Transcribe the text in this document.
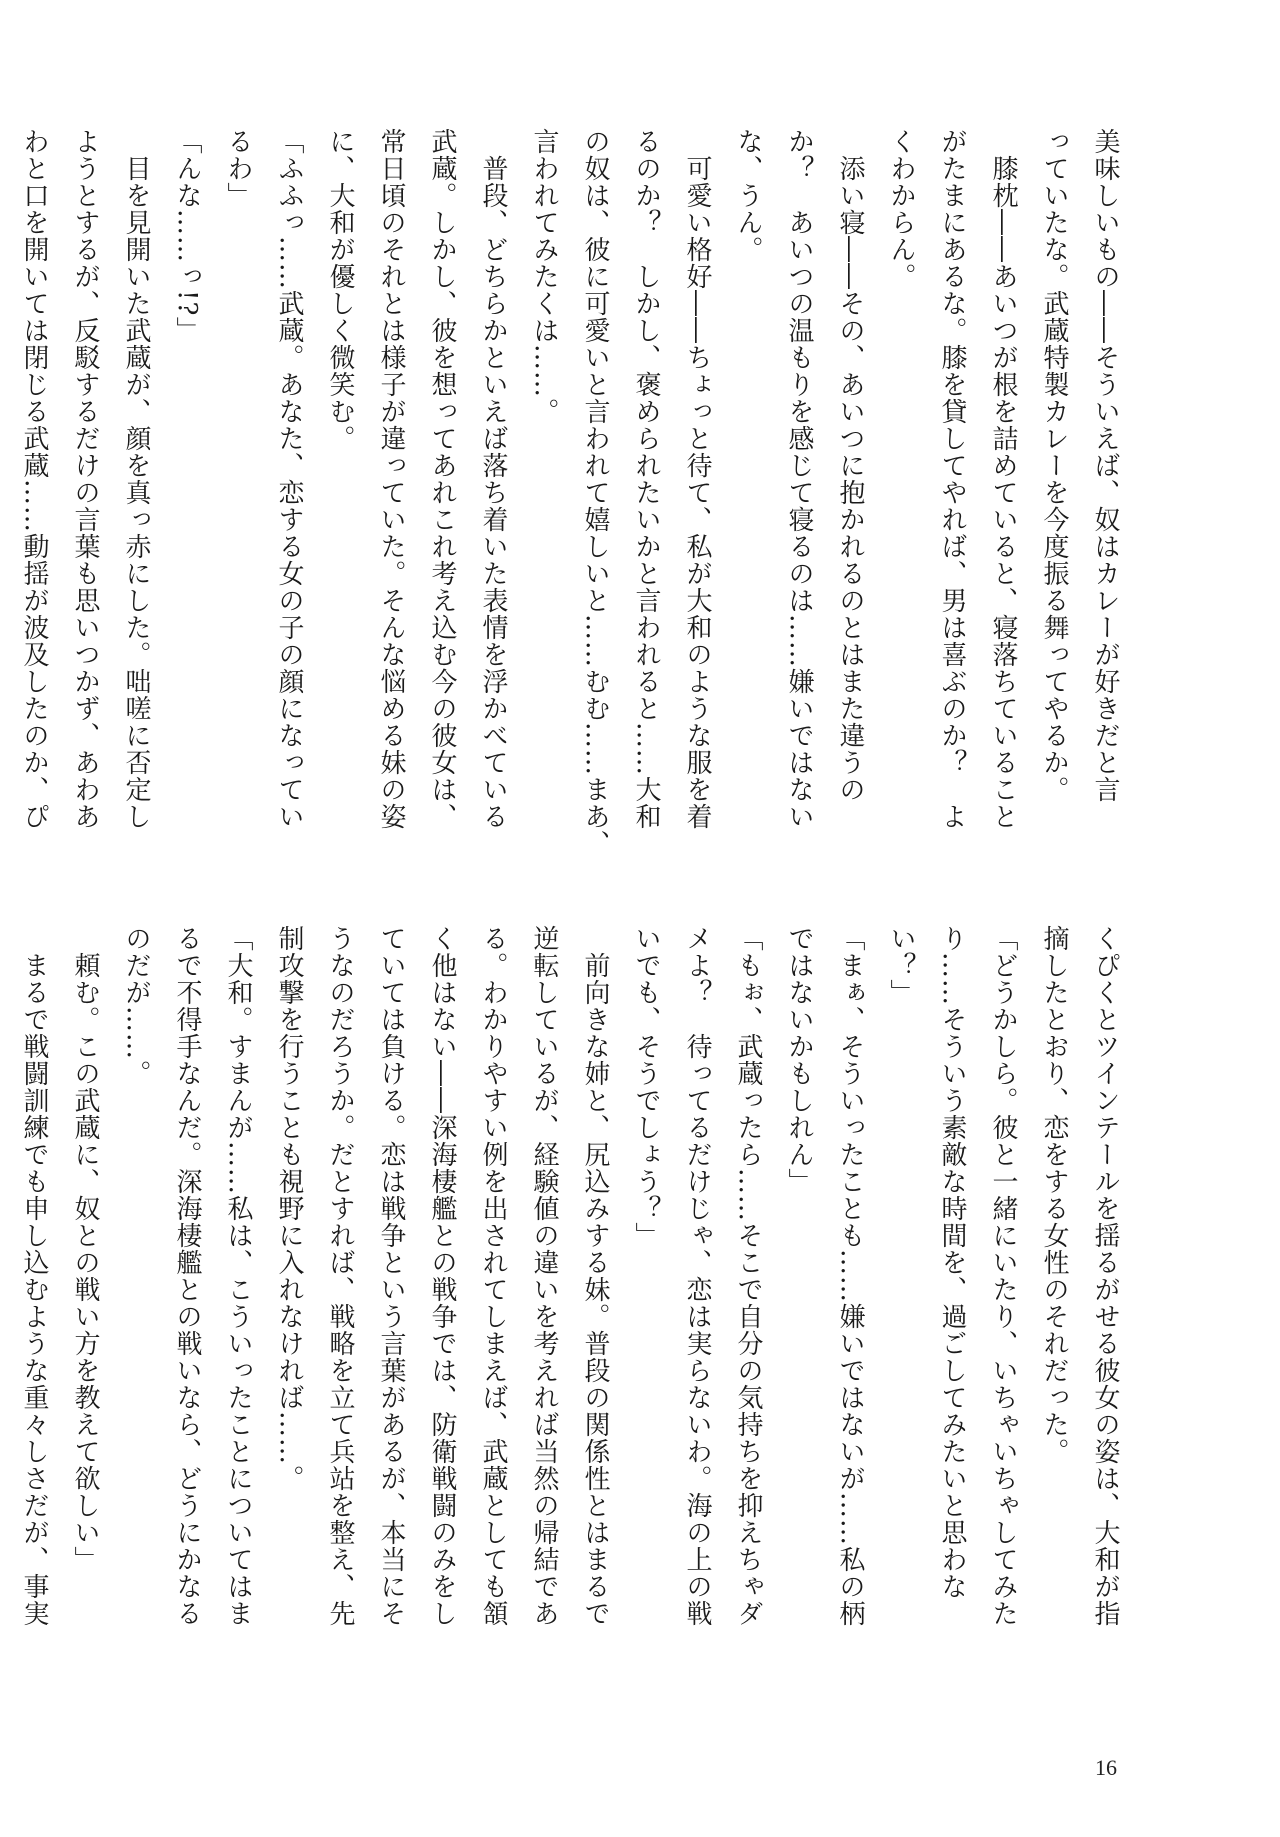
美味しいもの――そういえば、奴はカレーが好きだと言
っていたな。武蔵特製カレーを今度振る舞ってやるか。
　膝枕――あいつが根を詰めていると、寝落ちていること
がたまにあるな。膝を貸してやれば、男は喜ぶのか？　よ
くわからん。
　添い寝――その、あいつに抱かれるのとはまた違うの
か？　あいつの温もりを感じて寝るのは……嫌いではない
な、うん。
　可愛い格好――ちょっと待て、私が大和のような服を着
るのか？　しかし、褒められたいかと言われると……大和
の奴は、彼に可愛いと言われて嬉しいと……むむ……まあ、
言われてみたくは……。
　普段、どちらかといえば落ち着いた表情を浮かべている
武蔵。しかし、彼を想ってあれこれ考え込む今の彼女は、
常日頃のそれとは様子が違っていた。そんな悩める妹の姿
に、大和が優しく微笑む。
「ふふっ……武蔵。あなた、恋する女の子の顔になってい
るわ」
「んな……っ!?」
　目を見開いた武蔵が、顔を真っ赤にした。咄嗟に否定し
ようとするが、反駁するだけの言葉も思いつかず、あわあ
わと口を開いては閉じる武蔵……動揺が波及したのか、ぴ
くぴくとツインテールを揺るがせる彼女の姿は、大和が指
摘したとおり、恋をする女性のそれだった。
「どうかしら。彼と一緒にいたり、いちゃいちゃしてみた
り……そういう素敵な時間を、過ごしてみたいと思わな
い？」
「まぁ、そういったことも……嫌いではないが……私の柄
ではないかもしれん」
「もぉ、武蔵ったら……そこで自分の気持ちを抑えちゃダ
メよ？　待ってるだけじゃ、恋は実らないわ。海の上の戦
いでも、そうでしょう？」
　前向きな姉と、尻込みする妹。普段の関係性とはまるで
逆転しているが、経験値の違いを考えれば当然の帰結であ
る。わかりやすい例を出されてしまえば、武蔵としても頷
く他はない――深海棲艦との戦争では、防衛戦闘のみをし
ていては負ける。恋は戦争という言葉があるが、本当にそ
うなのだろうか。だとすれば、戦略を立て兵站を整え、先
制攻撃を行うことも視野に入れなければ……。
「大和。すまんが……私は、こういったことについてはま
るで不得手なんだ。深海棲艦との戦いなら、どうにかなる
のだが……。
　頼む。この武蔵に、奴との戦い方を教えて欲しい」
　まるで戦闘訓練でも申し込むような重々しさだが、事実
16
